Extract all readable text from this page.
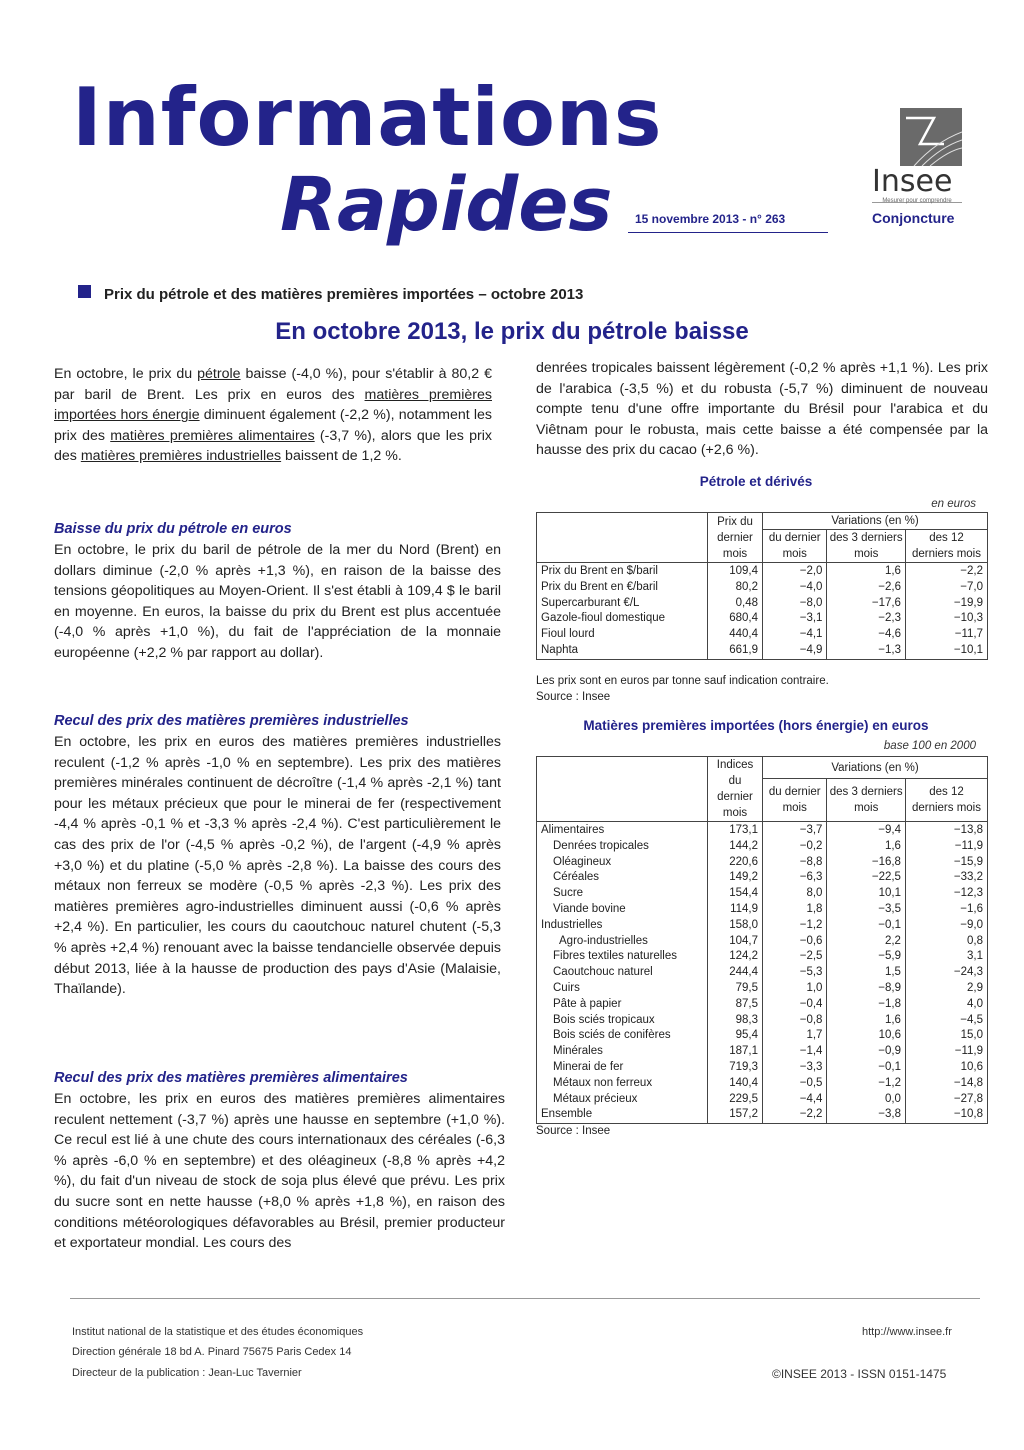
Informations
Rapides 15 novembre 2013 - n° 263
Insee
Mesurer pour comprendre
Conjoncture
Prix du pétrole et des matières premières importées – octobre 2013
En octobre 2013, le prix du pétrole baisse
En octobre, le prix du pétrole baisse (-4,0 %), pour s'établir à 80,2 € par baril de Brent. Les prix en euros des matières premières importées hors énergie diminuent également (-2,2 %), notamment les prix des matières premières alimentaires (-3,7 %), alors que les prix des matières premières industrielles baissent de 1,2 %.
Baisse du prix du pétrole en euros
En octobre, le prix du baril de pétrole de la mer du Nord (Brent) en dollars diminue (-2,0 % après +1,3 %), en raison de la baisse des tensions géopolitiques au Moyen-Orient. Il s'est établi à 109,4 $ le baril en moyenne. En euros, la baisse du prix du Brent est plus accentuée (-4,0 % après +1,0 %), du fait de l'appréciation de la monnaie européenne (+2,2 % par rapport au dollar).
Recul des prix des matières premières industrielles
En octobre, les prix en euros des matières premières industrielles reculent (-1,2 % après -1,0 % en septembre). Les prix des matières premières minérales continuent de décroître (-1,4 % après -2,1 %) tant pour les métaux précieux que pour le minerai de fer (respectivement -4,4 % après -0,1 % et -3,3 % après -2,4 %). C'est particulièrement le cas des prix de l'or (-4,5 % après -0,2 %), de l'argent (-4,9 % après +3,0 %) et du platine (-5,0 % après -2,8 %). La baisse des cours des métaux non ferreux se modère (-0,5 % après -2,3 %). Les prix des matières premières agro-industrielles diminuent aussi (-0,6 % après +2,4 %). En particulier, les cours du caoutchouc naturel chutent (-5,3 % après +2,4 %) renouant avec la baisse tendancielle observée depuis début 2013, liée à la hausse de production des pays d'Asie (Malaisie, Thaïlande).
Recul des prix des matières premières alimentaires
En octobre, les prix en euros des matières premières alimentaires reculent nettement (-3,7 %) après une hausse en septembre (+1,0 %). Ce recul est lié à une chute des cours internationaux des céréales (-6,3 % après -6,0 % en septembre) et des oléagineux (-8,8 % après +4,2 %), du fait d'un niveau de stock de soja plus élevé que prévu. Les prix du sucre sont en nette hausse (+8,0 % après +1,8 %), en raison des conditions météorologiques défavorables au Brésil, premier producteur et exportateur mondial. Les cours des
denrées tropicales baissent légèrement (-0,2 % après +1,1 %). Les prix de l'arabica (-3,5 %) et du robusta (-5,7 %) diminuent de nouveau compte tenu d'une offre importante du Brésil pour l'arabica et du Viêtnam pour le robusta, mais cette baisse a été compensée par la hausse des prix du cacao (+2,6 %).
Pétrole et dérivés
en euros
	Prix du dernier mois	Variations (en %)		
		du dernier mois	des 3 derniers mois	des 12 derniers mois
Prix du Brent en $/baril	109,4	−2,0	1,6	−2,2
Prix du Brent en €/baril	80,2	−4,0	−2,6	−7,0
Supercarburant €/L	0,48	−8,0	−17,6	−19,9
Gazole-fioul domestique	680,4	−3,1	−2,3	−10,3
Fioul lourd	440,4	−4,1	−4,6	−11,7
Naphta	661,9	−4,9	−1,3	−10,1
Les prix sont en euros par tonne sauf indication contraire.
Source : Insee
Matières premières importées (hors énergie) en euros
base 100 en 2000
	Indices du dernier mois	Variations (en %)		
		du dernier mois	des 3 derniers mois	des 12 derniers mois
Alimentaires	173,1	−3,7	−9,4	−13,8
Denrées tropicales	144,2	−0,2	1,6	−11,9
Oléagineux	220,6	−8,8	−16,8	−15,9
Céréales	149,2	−6,3	−22,5	−33,2
Sucre	154,4	8,0	10,1	−12,3
Viande bovine	114,9	1,8	−3,5	−1,6
Industrielles	158,0	−1,2	−0,1	−9,0
Agro-industrielles	104,7	−0,6	2,2	0,8
Fibres textiles naturelles	124,2	−2,5	−5,9	3,1
Caoutchouc naturel	244,4	−5,3	1,5	−24,3
Cuirs	79,5	1,0	−8,9	2,9
Pâte à papier	87,5	−0,4	−1,8	4,0
Bois sciés tropicaux	98,3	−0,8	1,6	−4,5
Bois sciés de conifères	95,4	1,7	10,6	15,0
Minérales	187,1	−1,4	−0,9	−11,9
Minerai de fer	719,3	−3,3	−0,1	10,6
Métaux non ferreux	140,4	−0,5	−1,2	−14,8
Métaux précieux	229,5	−4,4	0,0	−27,8
Ensemble	157,2	−2,2	−3,8	−10,8
Source : Insee
Institut national de la statistique et des études économiques
Direction générale 18 bd A. Pinard 75675 Paris Cedex 14
Directeur de la publication : Jean-Luc Tavernier
http://www.insee.fr
©INSEE 2013 - ISSN 0151-1475
